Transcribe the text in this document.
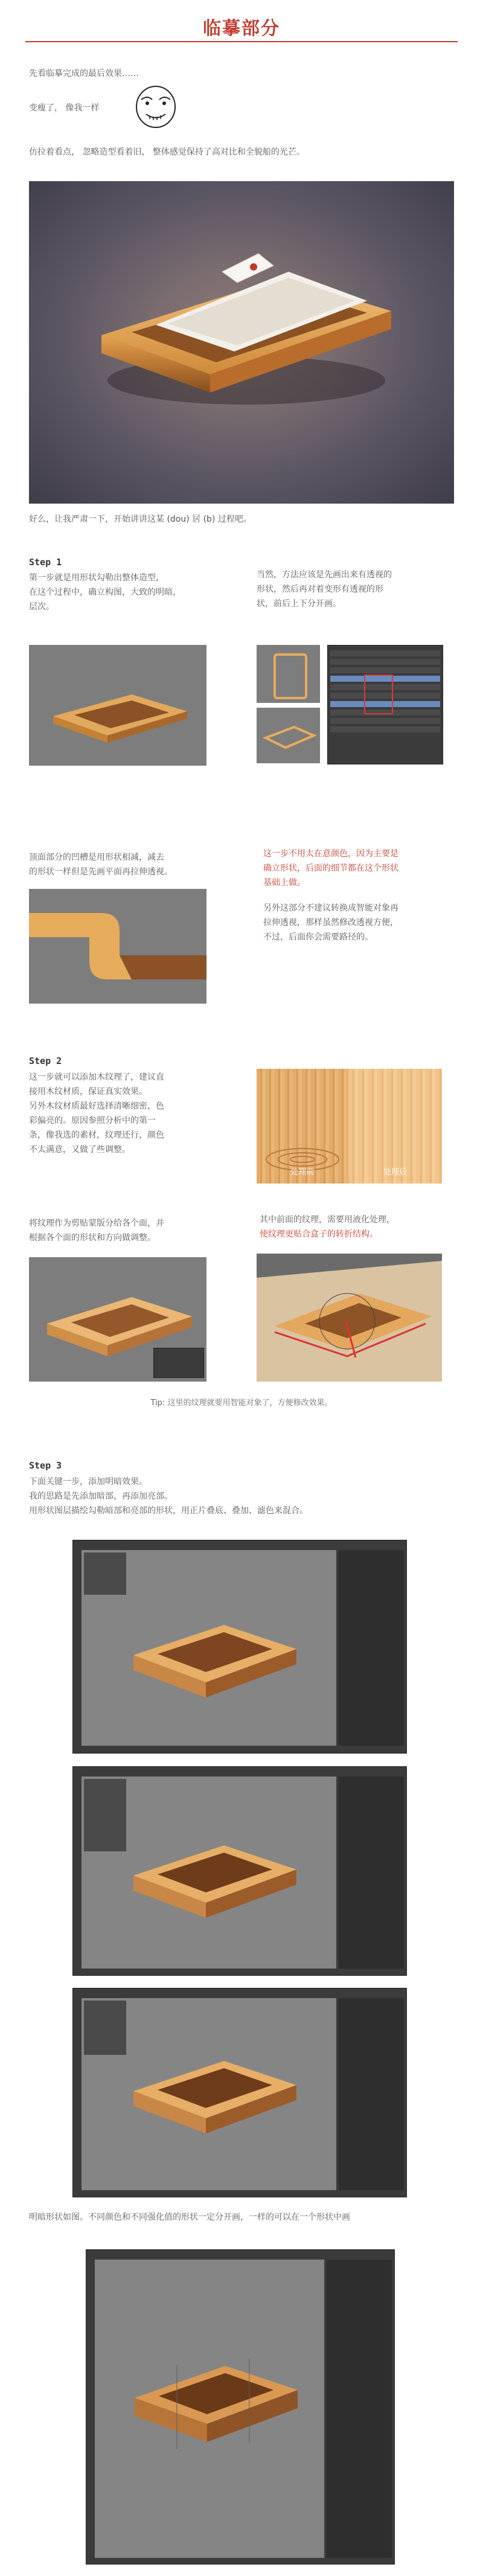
临摹部分
先看临摹完成的最后效果……
变瘦了， 像我一样
仿拉着看点， 忽略造型看着旧， 整体感觉保持了高对比和全貌船的光芒。
好么，让我严肃一下，开始讲讲这某 (dou) 居 (b) 过程吧。
Step 1
第一步就是用形状勾勒出整体造型，
在这个过程中，确立构图，大致的明暗，
层次。
当然，方法应该是先画出来有透视的
形状，然后再对着变形有透视的形
状，前后上下分开画。
顶面部分的凹槽是用形状相减，减去
的形状一样但是先画平面再拉伸透视。
这一步不用太在意颜色，因为主要是
确立形状，后面的细节都在这个形状
基础上做。
另外这部分不建议转换成智能对象再
拉伸透视，那样虽然修改透视方便，
不过，后面你会需要路径的。
Step 2
这一步就可以添加木纹理了，建议直
接用木纹材质，保证真实效果。
另外木纹材质最好选择清晰细密，色
彩偏亮的。原因参照分析中的第一
条，像我选的素材，纹理还行，颜色
不太满意，又做了些调整。
处理前	处理后
将纹理作为剪贴蒙版分给各个面，并
根据各个面的形状和方向做调整。
其中前面的纹理，需要用液化处理，
使纹理更贴合盒子的转折结构。
Tip: 这里的纹理就要用智能对象了，方便修改效果。
Step 3
下面关键一步，添加明暗效果。
我的思路是先添加暗部，再添加亮部。
用形状图层描绘勾勒暗部和亮部的形状，用正片叠底、叠加、滤色来混合。
明暗形状如图。不同颜色和不同强化值的形状一定分开画，一样的可以在一个形状中画
